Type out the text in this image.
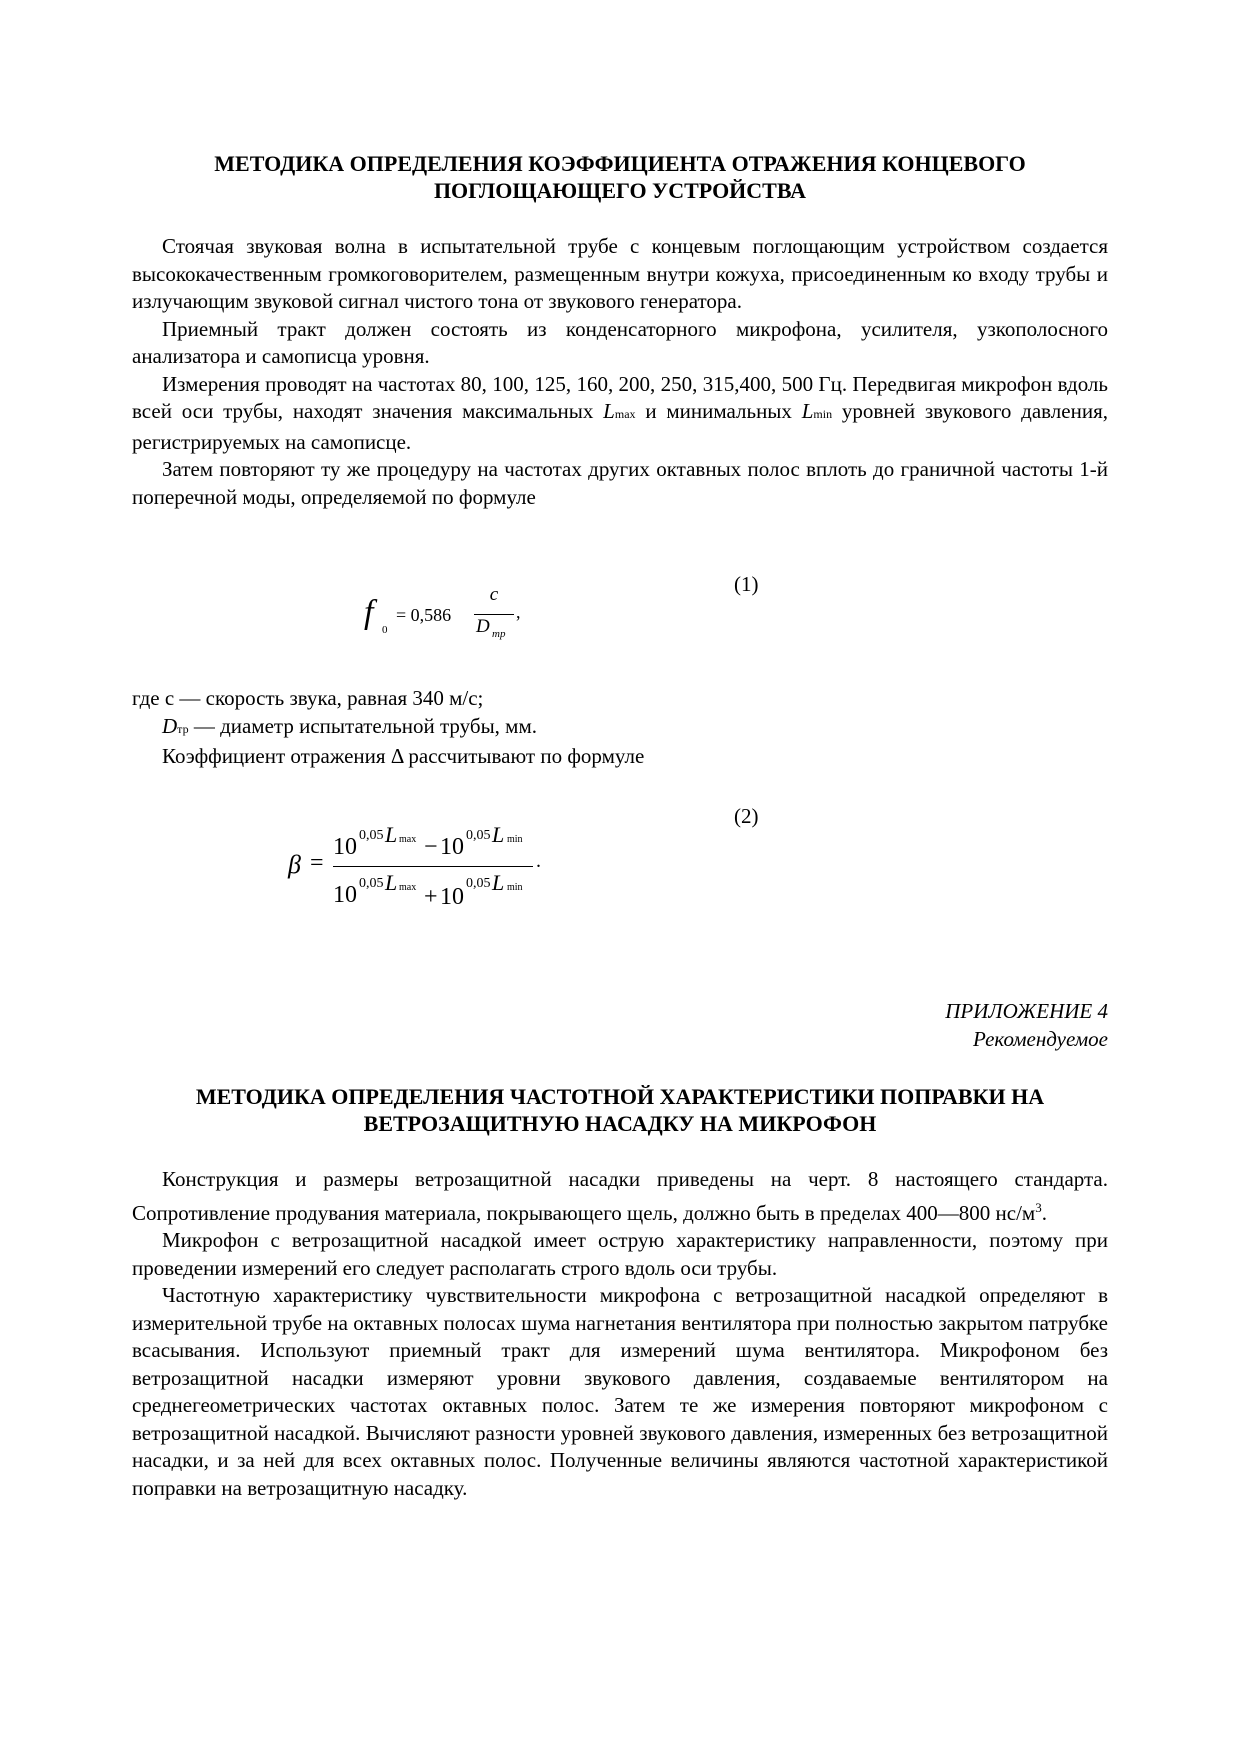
МЕТОДИКА ОПРЕДЕЛЕНИЯ КОЭФФИЦИЕНТА ОТРАЖЕНИЯ КОНЦЕВОГО
ПОГЛОЩАЮЩЕГО УСТРОЙСТВА

Стоячая звуковая волна в испытательной трубе с концевым поглощающим устройством создается высококачественным громкоговорителем, размещенным внутри кожуха, присоединенным ко входу трубы и излучающим звуковой сигнал чистого тона от звукового генератора.

Приемный тракт должен состоять из конденсаторного микрофона, усилителя, узкополосного анализатора и самописца уровня.

Измерения проводят на частотах 80, 100, 125, 160, 200, 250, 315,400, 500 Гц. Передвигая микрофон вдоль всей оси трубы, находят значения максимальных Lmax и минимальных Lmin уровней звукового давления, регистрируемых на самописце.

Затем повторяют ту же процедуру на частотах других октавных полос вплоть до граничной частоты 1-й поперечной моды, определяемой по формуле

(1)
f 0
= 0,586
c
D тр
,

где с — скорость звука, равная 340 м/с;

Dтр — диаметр испытательной трубы, мм.

Коэффициент отражения Δ рассчитывают по формуле

(2)
β =
10 0,05 L max − 10 0,05 L min
.
10 0,05 L max + 10
0,05 L min
ПРИЛОЖЕНИЕ 4
Рекомендуемое
МЕТОДИКА ОПРЕДЕЛЕНИЯ ЧАСТОТНОЙ ХАРАКТЕРИСТИКИ ПОПРАВКИ НА
ВЕТРОЗАЩИТНУЮ НАСАДКУ НА МИКРОФОН

Конструкция и размеры ветрозащитной насадки приведены на черт. 8 настоящего стандарта. Сопротивление продувания материала, покрывающего щель, должно быть в пределах 400—800 $нс/м^3$.

Микрофон с ветрозащитной насадкой имеет острую характеристику направленности, поэтому при проведении измерений его следует располагать строго вдоль оси трубы.

Частотную характеристику чувствительности микрофона с ветрозащитной насадкой определяют в измерительной трубе на октавных полосах шума нагнетания вентилятора при полностью закрытом патрубке всасывания. Используют приемный тракт для измерений шума вентилятора. Микрофоном без ветрозащитной насадки измеряют уровни звукового давления, создаваемые вентилятором на среднегеометрических частотах октавных полос. Затем те же измерения повторяют микрофоном с ветрозащитной насадкой. Вычисляют разности уровней звукового давления, измеренных без ветрозащитной насадки, и за ней для всех октавных полос. Полученные величины являются частотной характеристикой поправки на ветрозащитную насадку.
